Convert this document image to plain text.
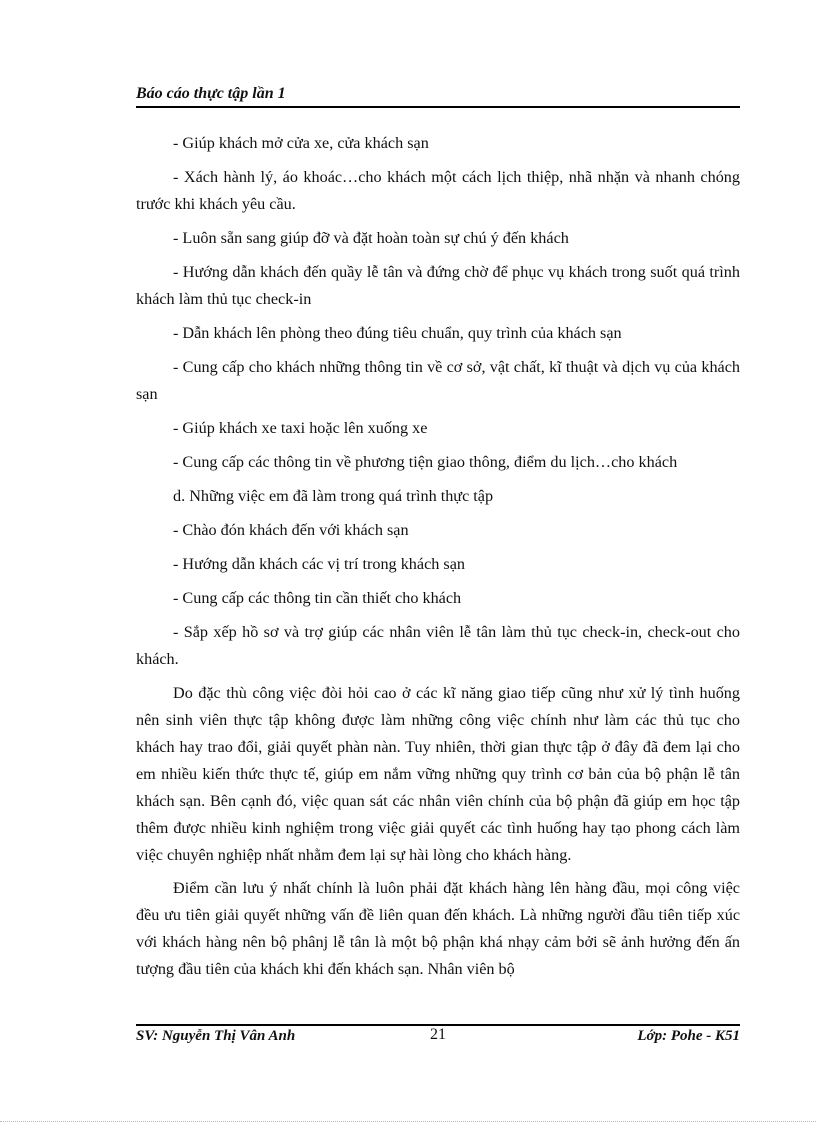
Báo cáo thực tập lần 1

- Giúp khách mở cửa xe, cửa khách sạn

- Xách hành lý, áo khoác…cho khách một cách lịch thiệp, nhã nhặn và nhanh chóng trước khi khách yêu cầu.

- Luôn sẵn sang giúp đỡ và đặt hoàn toàn sự chú ý đến khách

- Hướng dẫn khách đến quầy lễ tân và đứng chờ để phục vụ khách trong suốt quá trình khách làm thủ tục check-in

- Dẫn khách lên phòng theo đúng tiêu chuẩn, quy trình của khách sạn

- Cung cấp cho khách những thông tin về cơ sở, vật chất, kĩ thuật và dịch vụ của khách sạn

- Giúp khách xe taxi hoặc lên xuống xe

- Cung cấp các thông tin về phương tiện giao thông, điểm du lịch…cho khách

d. Những việc em đã làm trong quá trình thực tập

- Chào đón khách đến với khách sạn

- Hướng dẫn khách các vị trí trong khách sạn

- Cung cấp các thông tin cần thiết cho khách

- Sắp xếp hồ sơ và trợ giúp các nhân viên lễ tân làm thủ tục check-in, check-out cho khách.

Do đặc thù công việc đòi hỏi cao ở các kĩ năng giao tiếp cũng như xử lý tình huống nên sinh viên thực tập không được làm những công việc chính như làm các thủ tục cho khách hay trao đổi, giải quyết phàn nàn. Tuy nhiên, thời gian thực tập ở đây đã đem lại cho em nhiều kiến thức thực tế, giúp em nắm vững những quy trình cơ bản của bộ phận lễ tân khách sạn. Bên cạnh đó, việc quan sát các nhân viên chính của bộ phận đã giúp em học tập thêm được nhiều kinh nghiệm trong việc giải quyết các tình huống hay tạo phong cách làm việc chuyên nghiệp nhất nhằm đem lại sự hài lòng cho khách hàng.

Điểm cần lưu ý nhất chính là luôn phải đặt khách hàng lên hàng đầu, mọi công việc đều ưu tiên giải quyết những vấn đề liên quan đến khách. Là những người đầu tiên tiếp xúc với khách hàng nên bộ phânj lễ tân là một bộ phận khá nhạy cảm bởi sẽ ảnh hưởng đến ấn tượng đầu tiên của khách khi đến khách sạn. Nhân viên bộ

SV: Nguyễn Thị Vân Anh	21	Lớp: Pohe - K51
